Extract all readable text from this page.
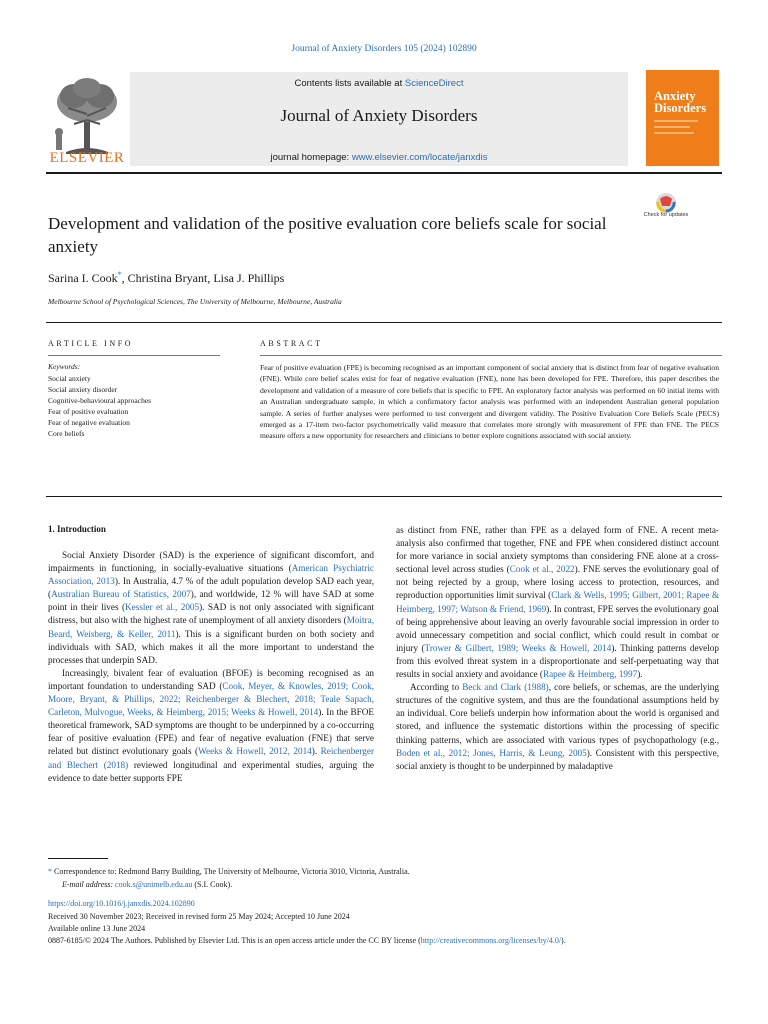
Journal of Anxiety Disorders 105 (2024) 102890
ELSEVIER
Contents lists available at ScienceDirect
Journal of Anxiety Disorders
journal homepage: www.elsevier.com/locate/janxdis
Anxiety
Disorders
Check for updates
Development and validation of the positive evaluation core beliefs scale for social anxiety
Sarina I. Cook*, Christina Bryant, Lisa J. Phillips
Melbourne School of Psychological Sciences, The University of Melbourne, Melbourne, Australia
ARTICLE INFO
Keywords:
Social anxiety
Social anxiety disorder
Cognitive-behavioural approaches
Fear of positive evaluation
Fear of negative evaluation
Core beliefs
ABSTRACT
Fear of positive evaluation (FPE) is becoming recognised as an important component of social anxiety that is distinct from fear of negative evaluation (FNE). While core belief scales exist for fear of negative evaluation (FNE), none has been developed for FPE. Therefore, this paper describes the development and validation of a measure of core beliefs that is specific to FPE. An exploratory factor analysis was performed on 60 initial items with an Australian undergraduate sample, in which a confirmatory factor analysis was performed with an independent Australian general population sample. A series of further analyses were performed to test convergent and divergent validity. The Positive Evaluation Core Beliefs Scale (PECS) emerged as a 17-item two-factor psychometrically valid measure that correlates more strongly with measurement of FPE than FNE. The PECS measure offers a new opportunity for researchers and clinicians to better explore cognitions associated with social anxiety.
1. Introduction

Social Anxiety Disorder (SAD) is the experience of significant discomfort, and impairments in functioning, in socially-evaluative situations (American Psychiatric Association, 2013). In Australia, 4.7 % of the adult population develop SAD each year, (Australian Bureau of Statistics, 2007), and worldwide, 12 % will have SAD at some point in their lives (Kessler et al., 2005). SAD is not only associated with significant distress, but also with the highest rate of unemployment of all anxiety disorders (Moitra, Beard, Weisberg, & Keller, 2011). This is a significant burden on both society and individuals with SAD, which makes it all the more important to understand the processes that underpin SAD.

Increasingly, bivalent fear of evaluation (BFOE) is becoming recognised as an important foundation to understanding SAD (Cook, Meyer, & Knowles, 2019; Cook, Moore, Bryant, & Phillips, 2022; Reichenberger & Blechert, 2018; Teale Sapach, Carleton, Mulvogue, Weeks, & Heimberg, 2015; Weeks & Howell, 2014). In the BFOE theoretical framework, SAD symptoms are thought to be underpinned by a co-occurring fear of positive evaluation (FPE) and fear of negative evaluation (FNE) that serve related but distinct evolutionary goals (Weeks & Howell, 2012, 2014). Reichenberger and Blechert (2018) reviewed longitudinal and experimental studies, arguing the evidence to date better supports FPE

as distinct from FNE, rather than FPE as a delayed form of FNE. A recent meta-analysis also confirmed that together, FNE and FPE when considered distinct account for more variance in social anxiety symptoms than considering FNE alone at a cross-sectional level across studies (Cook et al., 2022). FNE serves the evolutionary goal of not being rejected by a group, where losing access to protection, resources, and reproduction opportunities limit survival (Clark & Wells, 1995; Gilbert, 2001; Rapee & Heimberg, 1997; Watson & Friend, 1969). In contrast, FPE serves the evolutionary goal of being apprehensive about leaving an overly favourable social impression in order to avoid unnecessary competition and social conflict, which could result in combat or injury (Trower & Gilbert, 1989; Weeks & Howell, 2014). Thinking patterns develop from this evolved threat system in a disproportionate and self-perpetuating way that results in social anxiety and avoidance (Rapee & Heimberg, 1997).

According to Beck and Clark (1988), core beliefs, or schemas, are the underlying structures of the cognitive system, and thus are the foundational assumptions held by an individual. Core beliefs underpin how information about the world is organised and stored, and influence the systematic distortions within the processing of specific thinking patterns, which are associated with various types of psychopathology (e.g., Boden et al., 2012; Jones, Harris, & Leung, 2005). Consistent with this perspective, social anxiety is thought to be underpinned by maladaptive

* Correspondence to: Redmond Barry Building, The University of Melbourne, Victoria 3010, Victoria, Australia.
E-mail address: cook.s@unimelb.edu.au (S.I. Cook).
https://doi.org/10.1016/j.janxdis.2024.102890
Received 30 November 2023; Received in revised form 25 May 2024; Accepted 10 June 2024
Available online 13 June 2024
0887-6185/© 2024 The Authors. Published by Elsevier Ltd. This is an open access article under the CC BY license (http://creativecommons.org/licenses/by/4.0/).
